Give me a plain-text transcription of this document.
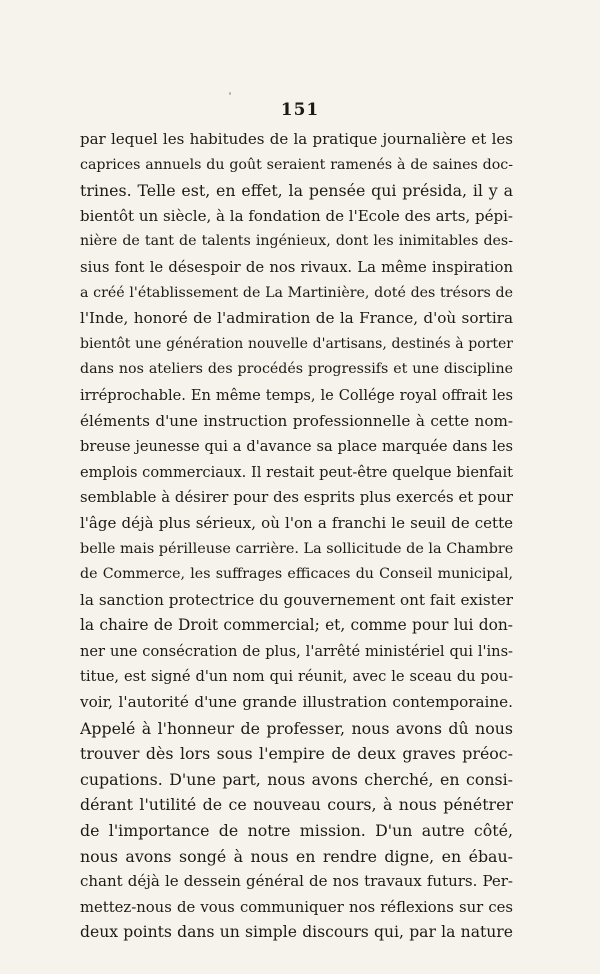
151
par lequel les habitudes de la pratique journalière et les
caprices annuels du goût seraient ramenés à de saines doc-
trines. Telle est, en effet, la pensée qui présida, il y a
bientôt un siècle, à la fondation de l'Ecole des arts, pépi-
nière de tant de talents ingénieux, dont les inimitables des-
sius font le désespoir de nos rivaux. La même inspiration
a créé l'établissement de La Martinière, doté des trésors de
l'Inde, honoré de l'admiration de la France, d'où sortira
bientôt une génération nouvelle d'artisans, destinés à porter
dans nos ateliers des procédés progressifs et une discipline
irréprochable. En même temps, le Collége royal offrait les
éléments d'une instruction professionnelle à cette nom-
breuse jeunesse qui a d'avance sa place marquée dans les
emplois commerciaux. Il restait peut-être quelque bienfait
semblable à désirer pour des esprits plus exercés et pour
l'âge déjà plus sérieux, où l'on a franchi le seuil de cette
belle mais périlleuse carrière. La sollicitude de la Chambre
de Commerce, les suffrages efficaces du Conseil municipal,
la sanction protectrice du gouvernement ont fait exister
la chaire de Droit commercial; et, comme pour lui don-
ner une consécration de plus, l'arrêté ministériel qui l'ins-
titue, est signé d'un nom qui réunit, avec le sceau du pou-
voir, l'autorité d'une grande illustration contemporaine.
Appelé à l'honneur de professer, nous avons dû nous
trouver dès lors sous l'empire de deux graves préoc-
cupations. D'une part, nous avons cherché, en consi-
dérant l'utilité de ce nouveau cours, à nous pénétrer
de l'importance de notre mission. D'un autre côté,
nous avons songé à nous en rendre digne, en ébau-
chant déjà le dessein général de nos travaux futurs. Per-
mettez-nous de vous communiquer nos réflexions sur ces
deux points dans un simple discours qui, par la nature
